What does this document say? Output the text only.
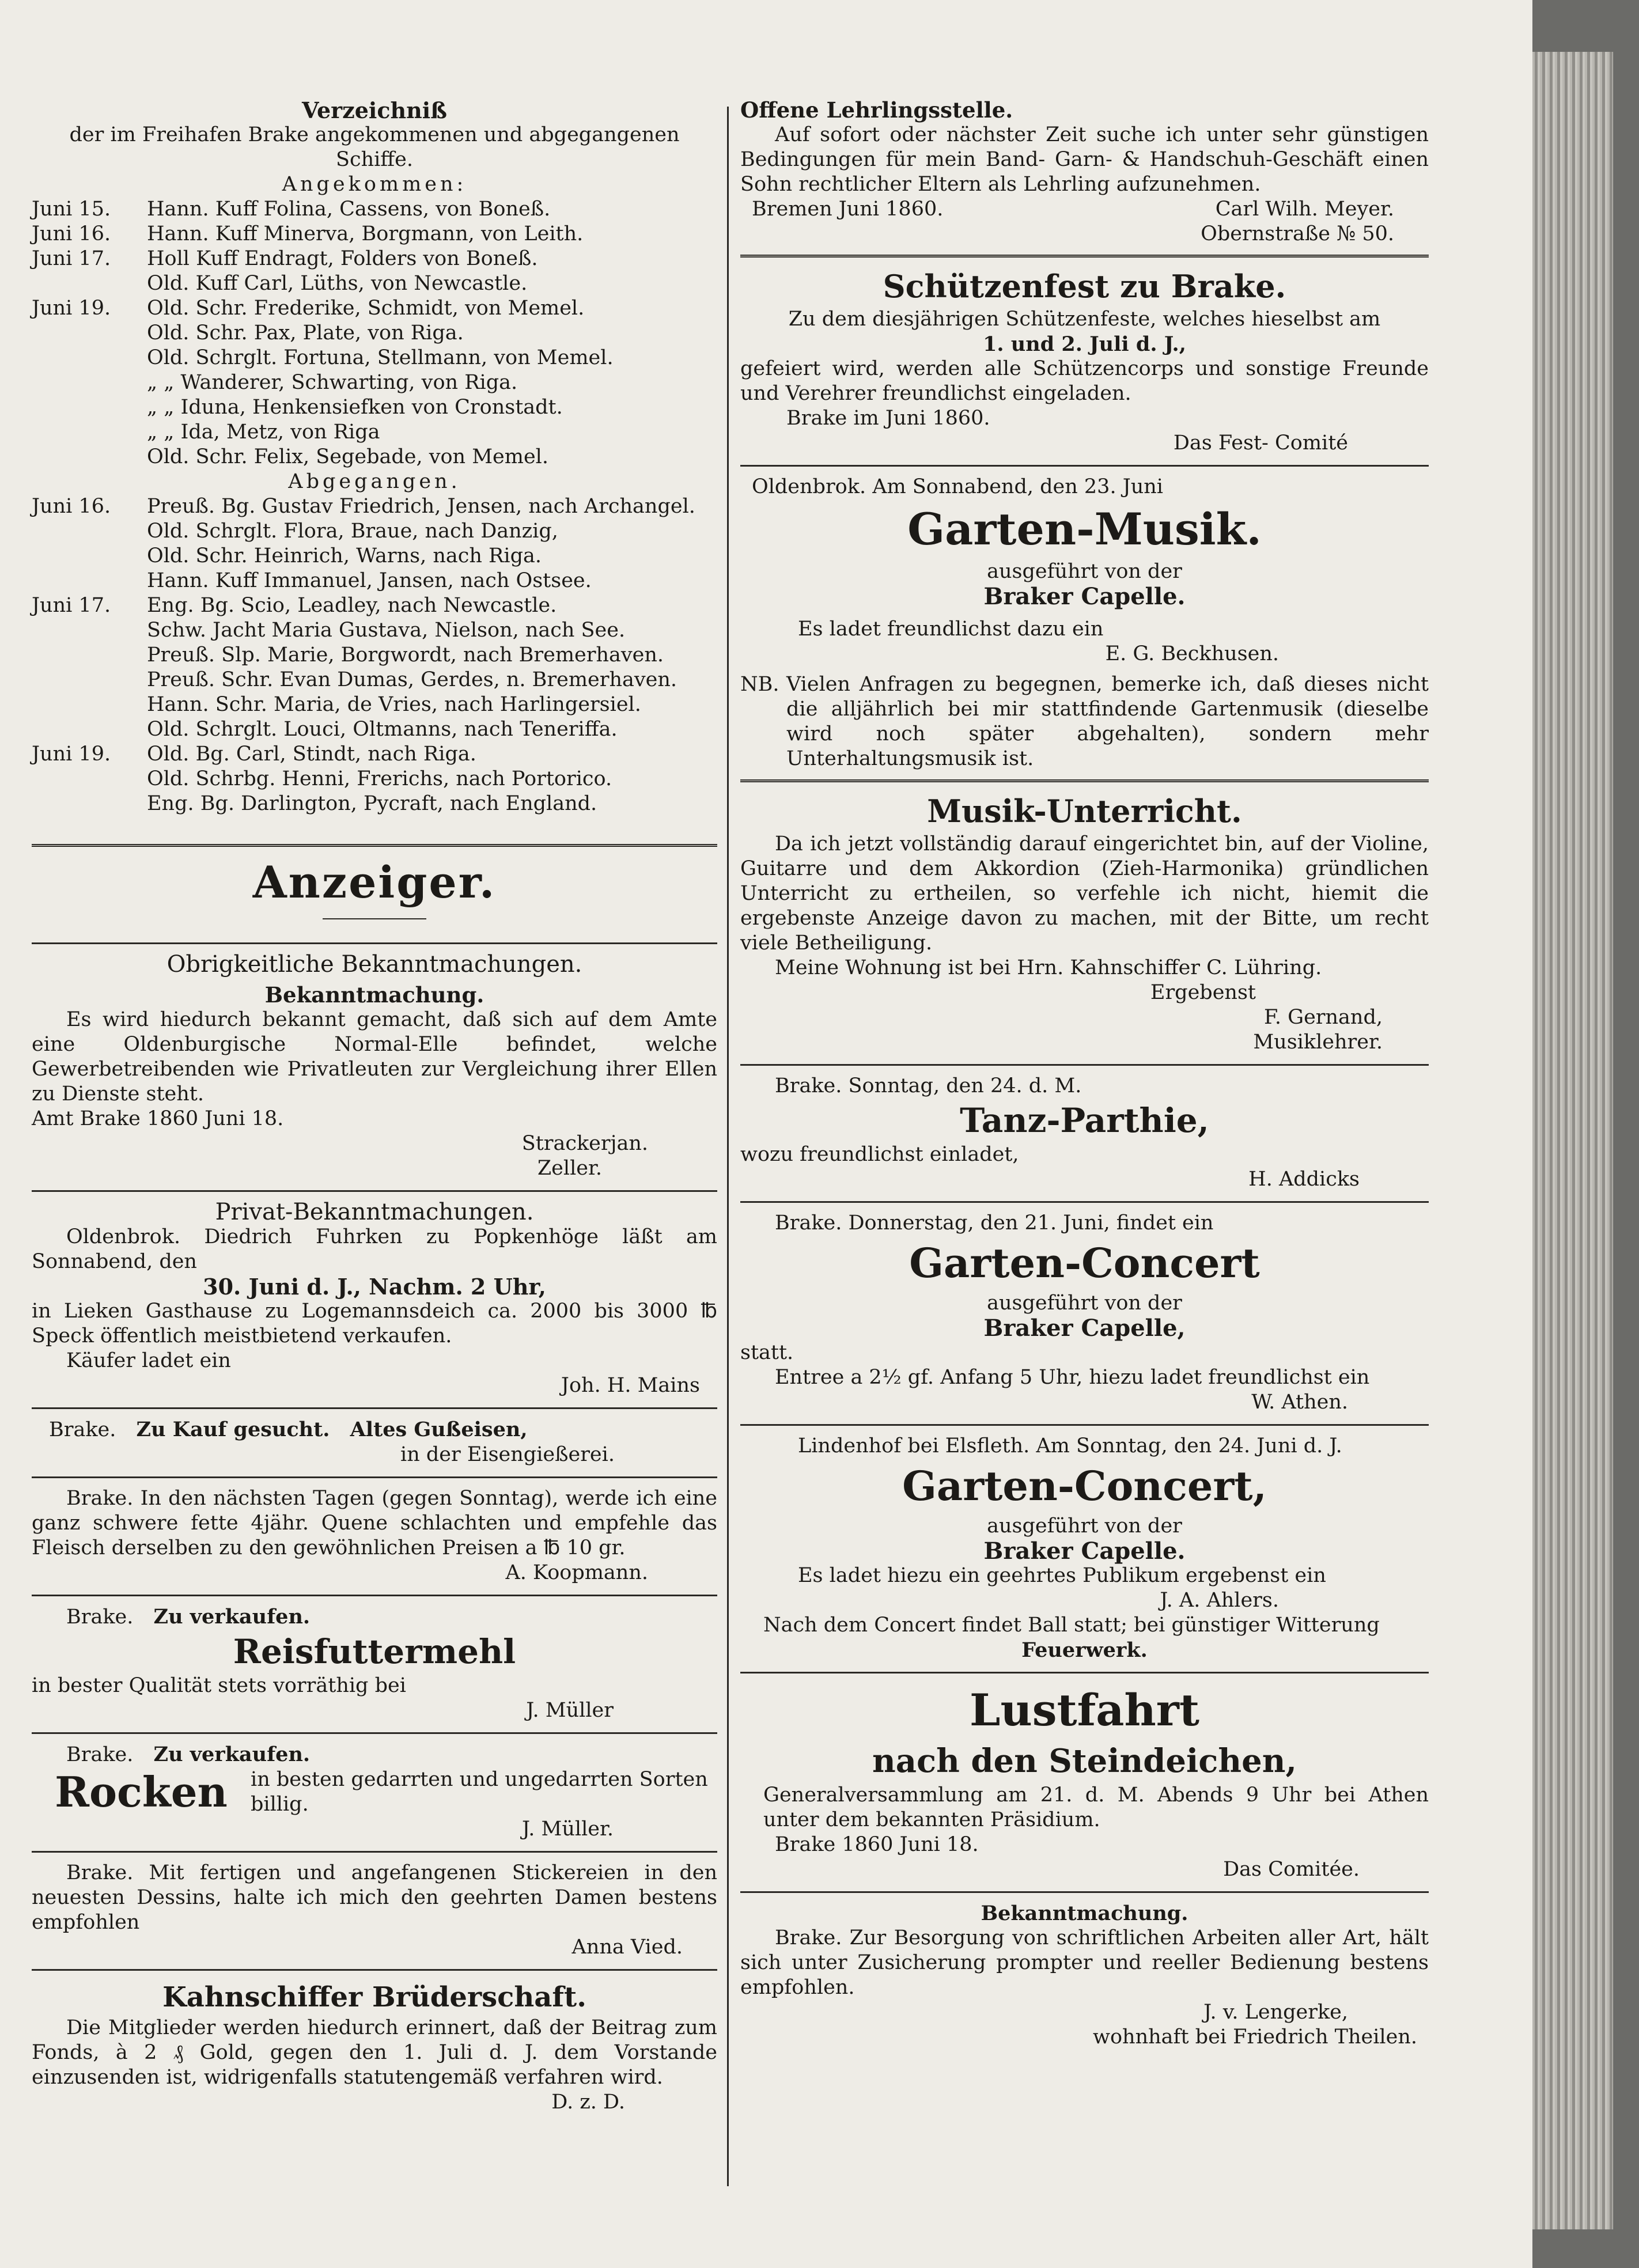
Verzeichniß
der im Freihafen Brake angekommenen und abgegangenen Schiffe.
Angekommen:
Juni 15.	Hann. Kuff Folina, Cassens, von Boneß.
Juni 16.	Hann. Kuff Minerva, Borgmann, von Leith.
Juni 17.	Holl Kuff Endragt, Folders von Boneß.
Old. Kuff Carl, Lüths, von Newcastle.
Juni 19.	Old. Schr. Frederike, Schmidt, von Memel.
Old. Schr. Pax, Plate, von Riga.
Old. Schrglt. Fortuna, Stellmann, von Memel.
„ „ Wanderer, Schwarting, von Riga.
„ „ Iduna, Henkensiefken von Cronstadt.
„ „ Ida, Metz, von Riga
Old. Schr. Felix, Segebade, von Memel.
Abgegangen.
Juni 16.	Preuß. Bg. Gustav Friedrich, Jensen, nach Archangel.
Old. Schrglt. Flora, Braue, nach Danzig,
Old. Schr. Heinrich, Warns, nach Riga.
Hann. Kuff Immanuel, Jansen, nach Ostsee.
Juni 17.	Eng. Bg. Scio, Leadley, nach Newcastle.
Schw. Jacht Maria Gustava, Nielson, nach See.
Preuß. Slp. Marie, Borgwordt, nach Bremerhaven.
Preuß. Schr. Evan Dumas, Gerdes, n. Bremerhaven.
Hann. Schr. Maria, de Vries, nach Harlingersiel.
Old. Schrglt. Louci, Oltmanns, nach Teneriffa.
Juni 19.	Old. Bg. Carl, Stindt, nach Riga.
Old. Schrbg. Henni, Frerichs, nach Portorico.
Eng. Bg. Darlington, Pycraft, nach England.
Anzeiger.
Obrigkeitliche Bekanntmachungen.
Bekanntmachung.

Es wird hiedurch bekannt gemacht, daß sich auf dem Amte eine Oldenburgische Normal-Elle befindet, welche Gewerbetreibenden wie Privatleuten zur Vergleichung ihrer Ellen zu Dienste steht.

Amt Brake 1860 Juni 18.
Strackerjan.
Zeller.
Privat-Bekanntmachungen.

Oldenbrok. Diedrich Fuhrken zu Popkenhöge läßt am Sonnabend, den

30. Juni d. J., Nachm. 2 Uhr,

in Lieken Gasthause zu Logemannsdeich ca. 2000 bis 3000 ℔ Speck öffentlich meistbietend verkaufen.

Käufer ladet ein
Joh. H. Mains
Brake. Zu Kauf gesucht. Altes Gußeisen,
in der Eisengießerei.

Brake. In den nächsten Tagen (gegen Sonntag), werde ich eine ganz schwere fette 4jähr. Quene schlachten und empfehle das Fleisch derselben zu den gewöhnlichen Preisen a ℔ 10 gr.

A. Koopmann.
Brake. Zu verkaufen.
Reisfuttermehl
in bester Qualität stets vorräthig bei
J. Müller
Brake. Zu verkaufen.
Rocken	in besten gedarrten und ungedarrten Sorten billig.
J. Müller.

Brake. Mit fertigen und angefangenen Stickereien in den neuesten Dessins, halte ich mich den geehrten Damen bestens empfohlen

Anna Vied.
Kahnschiffer Brüderschaft.

Die Mitglieder werden hiedurch erinnert, daß der Beitrag zum Fonds, à 2 ₰ Gold, gegen den 1. Juli d. J. dem Vorstande einzusenden ist, widrigenfalls statutengemäß verfahren wird.

D. z. D.
Offene Lehrlingsstelle.

Auf sofort oder nächster Zeit suche ich unter sehr günstigen Bedingungen für mein Band- Garn- & Handschuh-Geschäft einen Sohn rechtlicher Eltern als Lehrling aufzunehmen.

Bremen Juni 1860.	Carl Wilh. Meyer.
Obernstraße № 50.
Schützenfest zu Brake.

Zu dem diesjährigen Schützenfeste, welches hieselbst am

1. und 2. Juli d. J.,

gefeiert wird, werden alle Schützencorps und sonstige Freunde und Verehrer freundlichst eingeladen.

Brake im Juni 1860.
Das Fest- Comité
Oldenbrok. Am Sonnabend, den 23. Juni
Garten-Musik.
ausgeführt von der
Braker Capelle.
Es ladet freundlichst dazu ein
E. G. Beckhusen.
NB. Vielen Anfragen zu begegnen, bemerke ich, daß dieses nicht die alljährlich bei mir stattfindende Gartenmusik (dieselbe wird noch später abgehalten), sondern mehr Unterhaltungsmusik ist.
Musik-Unterricht.

Da ich jetzt vollständig darauf eingerichtet bin, auf der Violine, Guitarre und dem Akkordion (Zieh-Harmonika) gründlichen Unterricht zu ertheilen, so verfehle ich nicht, hiemit die ergebenste Anzeige davon zu machen, mit der Bitte, um recht viele Betheiligung.

Meine Wohnung ist bei Hrn. Kahnschiffer C. Lühring.
Ergebenst
F. Gernand,
Musiklehrer.
Brake. Sonntag, den 24. d. M.
Tanz-Parthie,
wozu freundlichst einladet,
H. Addicks
Brake. Donnerstag, den 21. Juni, findet ein
Garten-Concert
ausgeführt von der
Braker Capelle,
statt.
Entree a 2½ gf. Anfang 5 Uhr, hiezu ladet freundlichst ein
W. Athen.
Lindenhof bei Elsfleth. Am Sonntag, den 24. Juni d. J.
Garten-Concert,
ausgeführt von der
Braker Capelle.
Es ladet hiezu ein geehrtes Publikum ergebenst ein
J. A. Ahlers.
Nach dem Concert findet Ball statt; bei günstiger Witterung
Feuerwerk.
Lustfahrt
nach den Steindeichen,

Generalversammlung am 21. d. M. Abends 9 Uhr bei Athen unter dem bekannten Präsidium.

Brake 1860 Juni 18.
Das Comitée.
Bekanntmachung.

Brake. Zur Besorgung von schriftlichen Arbeiten aller Art, hält sich unter Zusicherung prompter und reeller Bedienung bestens empfohlen.

J. v. Lengerke,
wohnhaft bei Friedrich Theilen.
